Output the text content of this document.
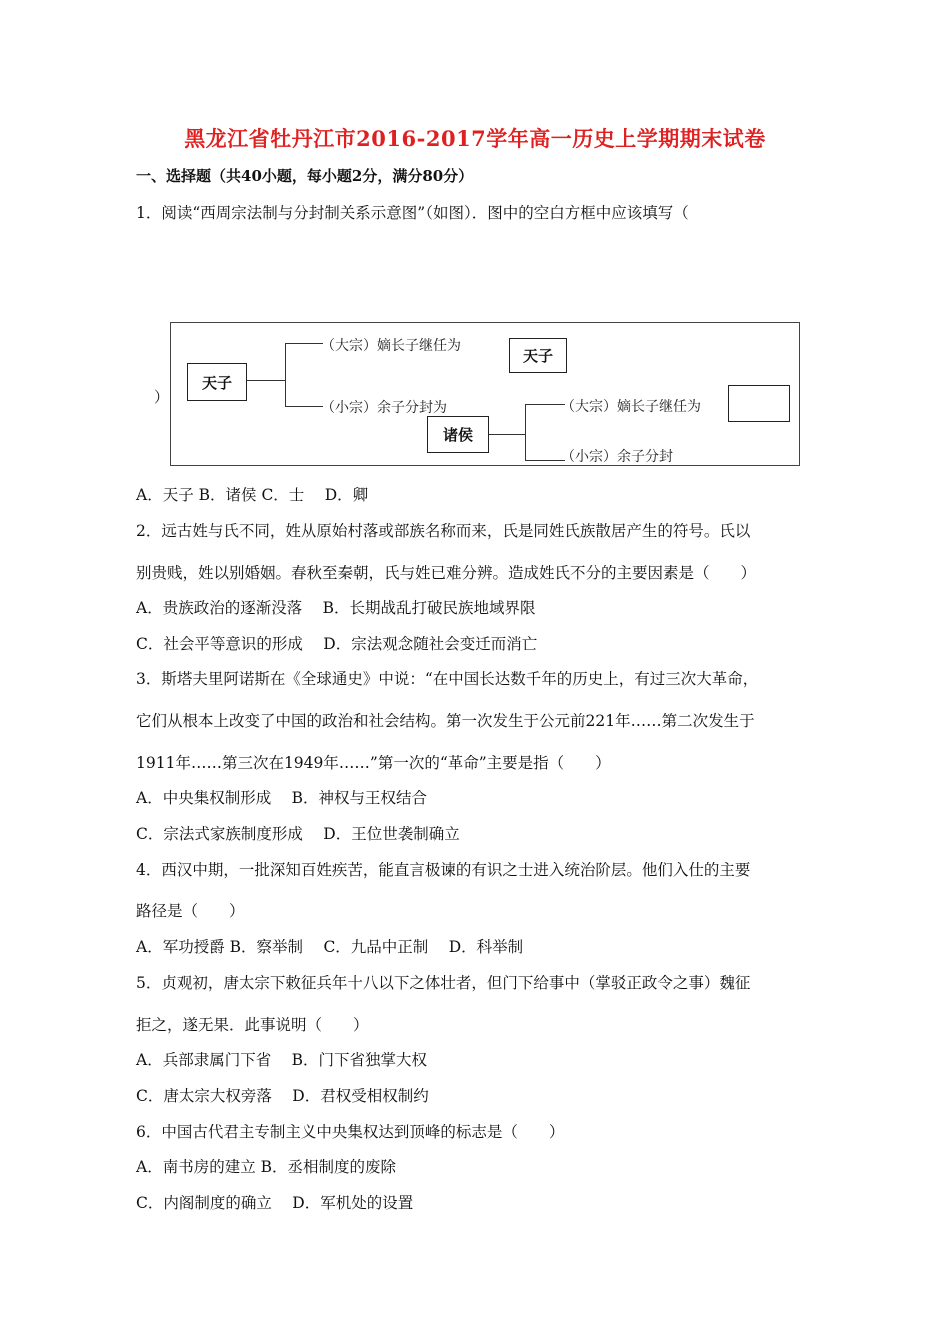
黑龙江省牡丹江市2016-2017学年高一历史上学期期末试卷
一、选择题（共40小题，每小题2分，满分80分）
1．阅读“西周宗法制与分封制关系示意图”（如图）．图中的空白方框中应该填写（
天子
（大宗）嫡长子继任为
天子
（小宗）余子分封为
诸侯
（大宗）嫡长子继任为
（小宗）余子分封
）
A．天子 B．诸侯 C．士　 D．卿
2．远古姓与氏不同，姓从原始村落或部族名称而来，氏是同姓氏族散居产生的符号。氏以
别贵贱，姓以别婚姻。春秋至秦朝，氏与姓已难分辨。造成姓氏不分的主要因素是（　　）
A．贵族政治的逐渐没落　 B．长期战乱打破民族地域界限
C．社会平等意识的形成　 D．宗法观念随社会变迁而消亡
3．斯塔夫里阿诺斯在《全球通史》中说：“在中国长达数千年的历史上，有过三次大革命，
它们从根本上改变了中国的政治和社会结构。第一次发生于公元前221年……第二次发生于
1911年……第三次在1949年……”第一次的“革命”主要是指（　　）
A．中央集权制形成　 B．神权与王权结合
C．宗法式家族制度形成　 D．王位世袭制确立
4．西汉中期，一批深知百姓疾苦，能直言极谏的有识之士进入统治阶层。他们入仕的主要
路径是（　　）
A．军功授爵 B．察举制　 C．九品中正制　 D．科举制
5．贞观初，唐太宗下敕征兵年十八以下之体壮者，但门下给事中（掌驳正政令之事）魏征
拒之，遂无果．此事说明（　　）
A．兵部隶属门下省　 B．门下省独掌大权
C．唐太宗大权旁落　 D．君权受相权制约
6．中国古代君主专制主义中央集权达到顶峰的标志是（　　）
A．南书房的建立 B．丞相制度的废除
C．内阁制度的确立　 D．军机处的设置
